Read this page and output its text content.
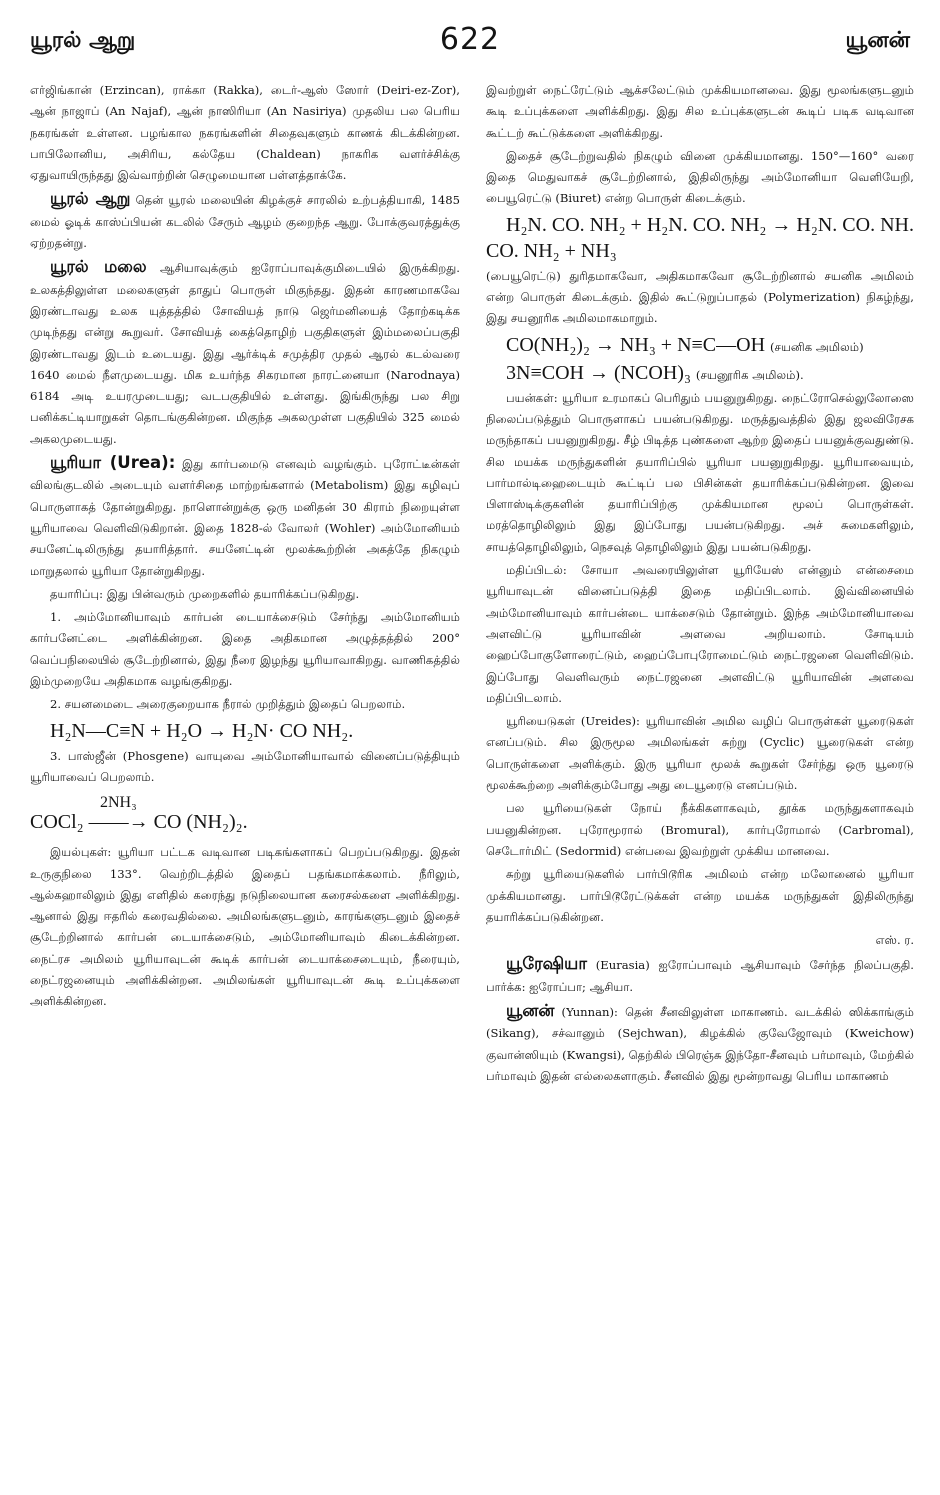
யூரல் ஆறு	622	யூனன்

எர்ஜிங்கான் (Erzincan), ராக்கா (Rakka), டைர்-ஆஸ் ஸோர் (Deiri-ez-Zor), ஆன் நாஜாப் (An Najaf), ஆன் நாஸிரியா (An Nasiriya) முதலிய பல பெரிய நகரங்கள் உள்ளன. பழங்கால நகரங்களின் சிதைவுகளும் காணக் கிடக்கின்றன. பாபிலோனிய, அசிரிய, கல்தேய (Chaldean) நாகரிக வளர்ச்சிக்கு ஏதுவாயிருந்தது இவ்வாற்றின் செழுமையான பள்ளத்தாக்கே.

யூரல் ஆறு தென் யூரல் மலையின் கிழக்குச் சாரலில் உற்பத்தியாகி, 1485 மைல் ஓடிக் காஸ்ப்பியன் கடலில் சேரும் ஆழம் குறைந்த ஆறு. போக்குவரத்துக்கு ஏற்றதன்று.

யூரல் மலை ஆசியாவுக்கும் ஐரோப்பாவுக்குமிடையில் இருக்கிறது. உலகத்திலுள்ள மலைகளுள் தாதுப் பொருள் மிகுந்தது. இதன் காரணமாகவே இரண்டாவது உலக யுத்தத்தில் சோவியத் நாடு ஜெர்மனியைத் தோற்கடிக்க முடிந்தது என்று கூறுவர். சோவியத் கைத்தொழிற் பகுதிகளுள் இம்மலைப்பகுதி இரண்டாவது இடம் உடையது. இது ஆர்க்டிக் சமுத்திர முதல் ஆரல் கடல்வரை 1640 மைல் நீளமுடையது. மிக உயர்ந்த சிகரமான நாரட்னையா (Narodnaya) 6184 அடி உயரமுடையது; வடபகுதியில் உள்ளது. இங்கிருந்து பல சிறு பனிக்கட்டியாறுகள் தொடங்குகின்றன. மிகுந்த அகலமுள்ள பகுதியில் 325 மைல் அகலமுடையது.

யூரியா (Urea): இது கார்பமைடு எனவும் வழங்கும். புரோட்டீன்கள் விலங்குடலில் அடையும் வளர்சிதை மாற்றங்களால் (Metabolism) இது கழிவுப் பொருளாகத் தோன்றுகிறது. நாளொன்றுக்கு ஒரு மனிதன் 30 கிராம் நிறையுள்ள யூரியாவை வெளிவிடுகிறான். இதை 1828-ல் வோலர் (Wohler) அம்மோனியம் சயனேட்டிலிருந்து தயாரித்தார். சயனேட்டின் மூலக்கூற்றின் அகத்தே நிகழும் மாறுதலால் யூரியா தோன்றுகிறது.

தயாரிப்பு: இது பின்வரும் முறைகளில் தயாரிக்கப்படுகிறது.

1. அம்மோனியாவும் கார்பன் டையாக்சைடும் சேர்ந்து அம்மோனியம் கார்பனேட்டை அளிக்கின்றன. இதை அதிகமான அழுத்தத்தில் 200° வெப்பநிலையில் சூடேற்றினால், இது நீரை இழந்து யூரியாவாகிறது. வாணிகத்தில் இம்முறையே அதிகமாக வழங்குகிறது.

2. சயனமைடை அரைகுறையாக நீரால் முறித்தும் இதைப் பெறலாம்.

H₂N—C≡N + H₂O → H₂N· CO NH₂.

3. பாஸ்ஜீன் (Phosgene) வாயுவை அம்மோனியாவால் வினைப்படுத்தியும் யூரியாவைப் பெறலாம்.

2NH₃
COCl₂ ——→ CO (NH₂)₂.

இயல்புகள்: யூரியா பட்டக வடிவான படிகங்களாகப் பெறப்படுகிறது. இதன் உருகுநிலை 133°. வெற்றிடத்தில் இதைப் பதங்கமாக்கலாம். நீரிலும், ஆல்கஹாலிலும் இது எளிதில் கரைந்து நடுநிலையான கரைசல்களை அளிக்கிறது. ஆனால் இது ஈதரில் கரைவதில்லை. அமிலங்களுடனும், காரங்களுடனும் இதைச் சூடேற்றினால் கார்பன் டையாக்சைடும், அம்மோனியாவும் கிடைக்கின்றன. நைட்ரச அமிலம் யூரியாவுடன் கூடிக் கார்பன் டையாக்சைடையும், நீரையும், நைட்ரஜனையும் அளிக்கின்றன. அமிலங்கள் யூரியாவுடன் கூடி உப்புக்களை அளிக்கின்றன.

இவற்றுள் நைட்ரேட்டும் ஆக்சலேட்டும் முக்கியமானவை. இது மூலங்களுடனும் கூடி உப்புக்களை அளிக்கிறது. இது சில உப்புக்களுடன் கூடிப் படிக வடிவான கூட்டற் கூட்டுக்களை அளிக்கிறது.

இதைச் சூடேற்றுவதில் நிகழும் வினை முக்கியமானது. 150°—160° வரை இதை மெதுவாகச் சூடேற்றினால், இதிலிருந்து அம்மோனியா வெளியேறி, பையூரெட்டு (Biuret) என்ற பொருள் கிடைக்கும்.

H₂N. CO. NH₂ + H₂N. CO. NH₂ → H₂N. CO. NH. CO. NH₂ + NH₃

(பையூரெட்டு) துரிதமாகவோ, அதிகமாகவோ சூடேற்றினால் சயனிக அமிலம் என்ற பொருள் கிடைக்கும். இதில் கூட்டுறுப்பாதல் (Polymerization) நிகழ்ந்து, இது சயனூரிக அமிலமாகமாறும்.

CO(NH₂)₂ → NH₃ + N≡C—OH (சயனிக அமிலம்)

3N≡COH → (NCOH)₃ (சயனூரிக அமிலம்).

பயன்கள்: யூரியா உரமாகப் பெரிதும் பயனுறுகிறது. நைட்ரோசெல்லுலோஸை நிலைப்படுத்தும் பொருளாகப் பயன்படுகிறது. மருத்துவத்தில் இது ஜலவிரேசக மருந்தாகப் பயனுறுகிறது. சீழ் பிடித்த புண்களை ஆற்ற இதைப் பயனுக்குவதுண்டு. சில மயக்க மருந்துகளின் தயாரிப்பில் யூரியா பயனுறுகிறது. யூரியாவையும், பார்மால்டிஹைடையும் கூட்டிப் பல பிசின்கள் தயாரிக்கப்படுகின்றன. இவை பிளாஸ்டிக்குகளின் தயாரிப்பிற்கு முக்கியமான மூலப் பொருள்கள். மரத்தொழிலிலும் இது இப்போது பயன்படுகிறது. அச் சுமைகளிலும், சாயத்தொழிலிலும், நெசவுத் தொழிலிலும் இது பயன்படுகிறது.

மதிப்பிடல்: சோயா அவரையிலுள்ள யூரியேஸ் என்னும் என்சைமை யூரியாவுடன் வினைப்படுத்தி இதை மதிப்பிடலாம். இவ்வினையில் அம்மோனியாவும் கார்பன்டை யாக்சைடும் தோன்றும். இந்த அம்மோனியாவை அளவிட்டு யூரியாவின் அளவை அறியலாம். சோடியம் ஹைப்போகுளோரைட்டும், ஹைப்போபுரோமைட்டும் நைட்ரஜனை வெளிவிடும். இப்போது வெளிவரும் நைட்ரஜனை அளவிட்டு யூரியாவின் அளவை மதிப்பிடலாம்.

யூரியைடுகள் (Ureides): யூரியாவின் அமில வழிப் பொருள்கள் யூரைடுகள் எனப்படும். சில இருமூல அமிலங்கள் சுற்று (Cyclic) யூரைடுகள் என்ற பொருள்களை அளிக்கும். இரு யூரியா மூலக் கூறுகள் சேர்ந்து ஒரு யூரைடு மூலக்கூற்றை அளிக்கும்போது அது டையூரைடு எனப்படும்.

பல யூரியைடுகள் நோய் நீக்கிகளாகவும், தூக்க மருந்துகளாகவும் பயனுகின்றன. புரோமூரால் (Bromural), கார்புரோமால் (Carbromal), செடோர்மிட் (Sedormid) என்பவை இவற்றுள் முக்கிய மானவை.

சுற்று யூரியைடுகளில் பார்பிடூரிக அமிலம் என்ற மலோனைல் யூரியா முக்கியமானது. பார்பிடூரேட்டுக்கள் என்ற மயக்க மருந்துகள் இதிலிருந்து தயாரிக்கப்படுகின்றன.

எஸ். ர.

யூரேஷியா (Eurasia) ஐரோப்பாவும் ஆசியாவும் சேர்ந்த நிலப்பகுதி. பார்க்க: ஐரோப்பா; ஆசியா.

யூனன் (Yunnan): தென் சீனவிலுள்ள மாகாணம். வடக்கில் ஸிக்காங்கும் (Sikang), சச்வானும் (Sejchwan), கிழக்கில் குவேஜோவும் (Kweichow) குவான்ஸியும் (Kwangsi), தெற்கில் பிரெஞ்சு இந்தோ-சீனவும் பர்மாவும், மேற்கில் பர்மாவும் இதன் எல்லைகளாகும். சீனவில் இது மூன்றாவது பெரிய மாகாணம்
